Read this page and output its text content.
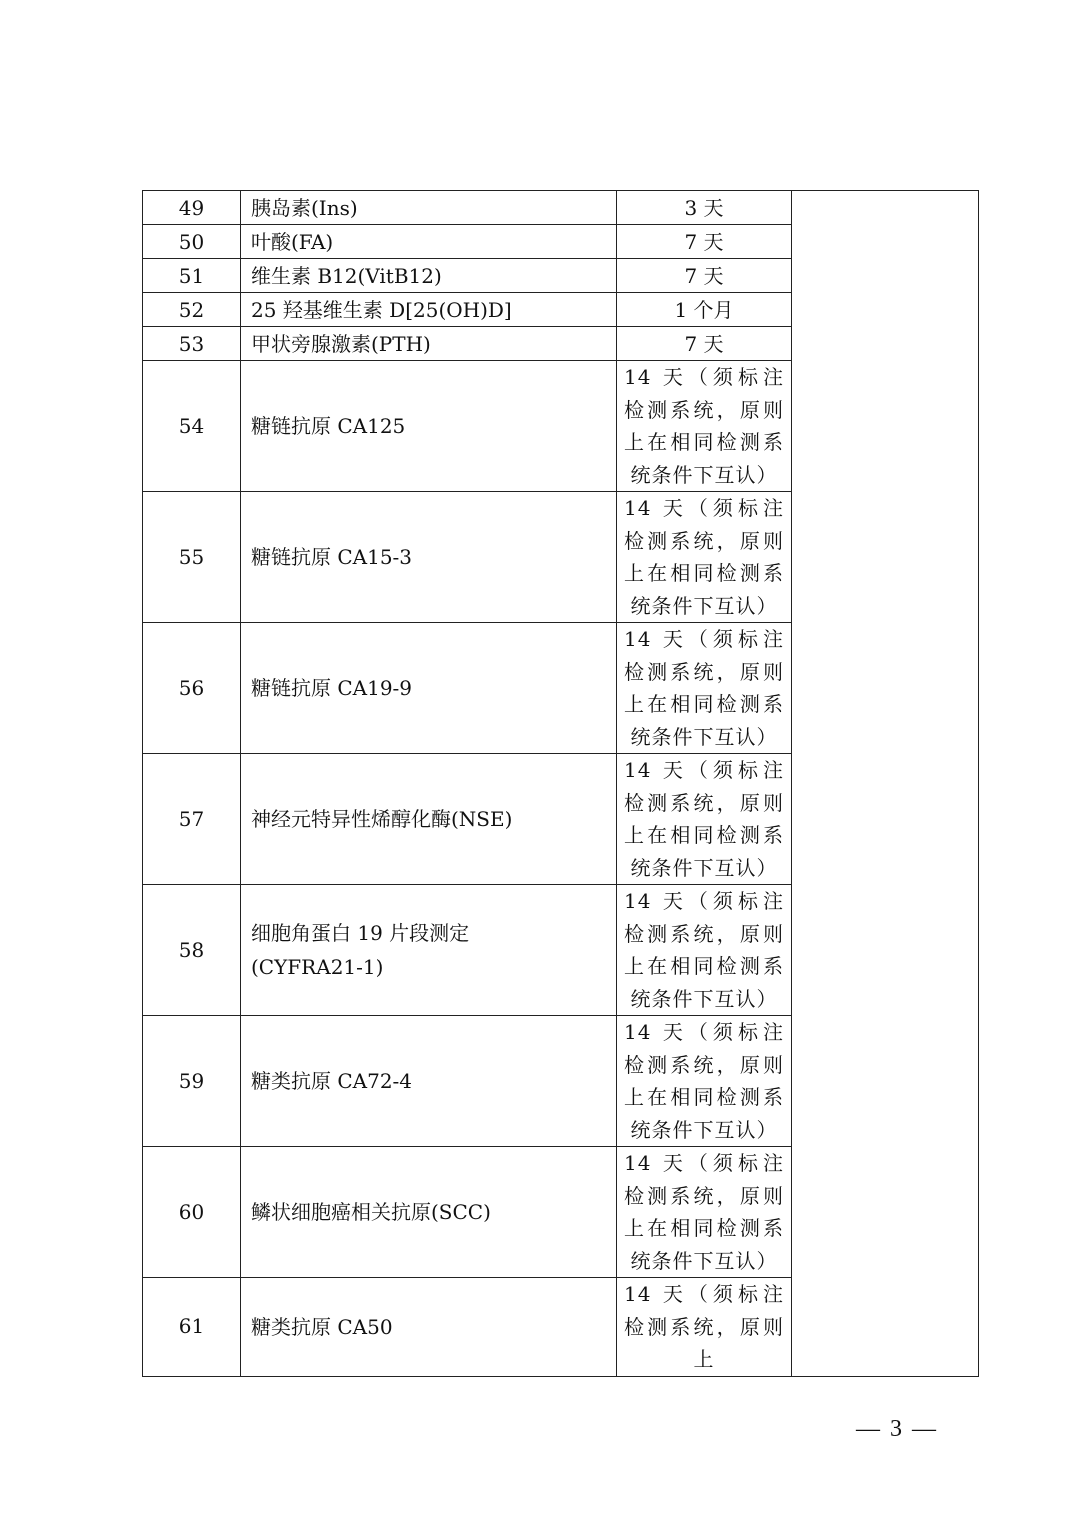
49	胰岛素(Ins)	3 天	
50	叶酸(FA)	7 天	
51	维生素 B12(VitB12)	7 天	
52	25 羟基维生素 D[25(OH)D]	1 个月	
53	甲状旁腺激素(PTH)	7 天	
54	糖链抗原 CA125	14 天（须标注检测系统，原则上在相同检测系统条件下互认）	

55	糖链抗原 CA15-3	14 天（须标注检测系统，原则上在相同检测系统条件下互认）	

56	糖链抗原 CA19-9	14 天（须标注检测系统，原则上在相同检测系统条件下互认）	

57	神经元特异性烯醇化酶(NSE)	14 天（须标注检测系统，原则上在相同检测系统条件下互认）	

58	细胞角蛋白 19 片段测定(CYFRA21-1)	14 天（须标注检测系统，原则上在相同检测系统条件下互认）	

59	糖类抗原 CA72-4	14 天（须标注检测系统，原则上在相同检测系统条件下互认）	

60	鳞状细胞癌相关抗原(SCC)	14 天（须标注检测系统，原则上在相同检测系统条件下互认）	

61	糖类抗原 CA50	14 天（须标注检测系统，原则上	
— 3 —
